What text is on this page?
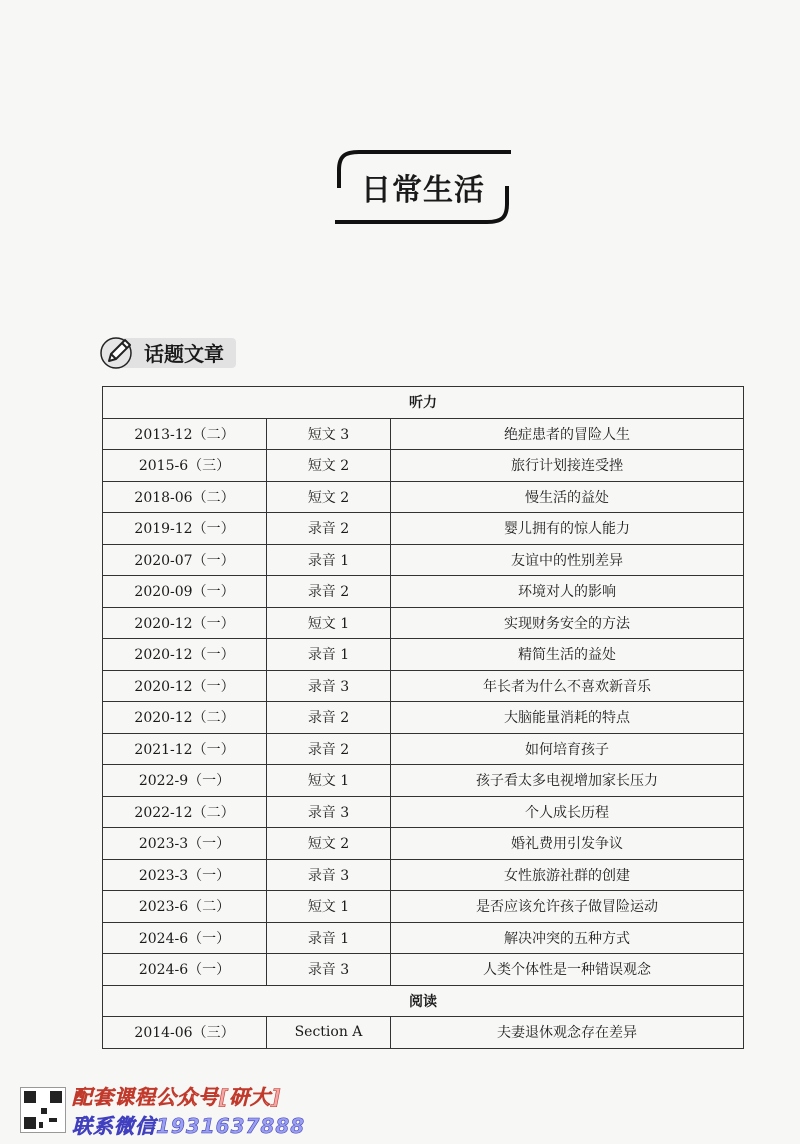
日常生活
话题文章
听力		
2013-12（二）	短文 3	绝症患者的冒险人生
2015-6（三）	短文 2	旅行计划接连受挫
2018-06（二）	短文 2	慢生活的益处
2019-12（一）	录音 2	婴儿拥有的惊人能力
2020-07（一）	录音 1	友谊中的性别差异
2020-09（一）	录音 2	环境对人的影响
2020-12（一）	短文 1	实现财务安全的方法
2020-12（一）	录音 1	精简生活的益处
2020-12（一）	录音 3	年长者为什么不喜欢新音乐
2020-12（二）	录音 2	大脑能量消耗的特点
2021-12（一）	录音 2	如何培育孩子
2022-9（一）	短文 1	孩子看太多电视增加家长压力
2022-12（二）	录音 3	个人成长历程
2023-3（一）	短文 2	婚礼费用引发争议
2023-3（一）	录音 3	女性旅游社群的创建
2023-6（二）	短文 1	是否应该允许孩子做冒险运动
2024-6（一）	录音 1	解决冲突的五种方式
2024-6（一）	录音 3	人类个体性是一种错误观念
阅读		
2014-06（三）	Section A	夫妻退休观念存在差异
配套课程公众号[研大]
联系微信1931637888
